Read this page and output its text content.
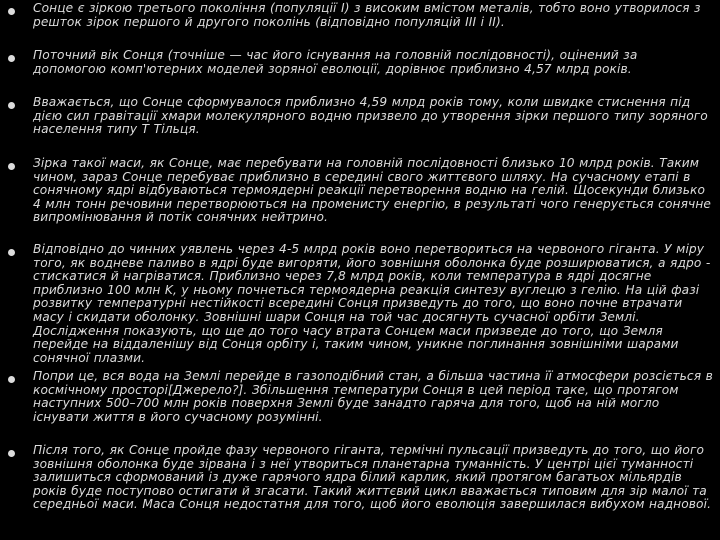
Сонце є зіркою третього покоління (популяції I) з високим вмістом металів, тобто воно утворилося з решток зірок першого й другого поколінь (відповідно популяцій III і II).
Поточний вік Сонця (точніше — час його існування на головній послідовності), оцінений за допомогою комп'ютерних моделей зоряної еволюції, дорівнює приблизно 4,57 млрд років.
Вважається, що Сонце сформувалося приблизно 4,59 млрд років тому, коли швидке стиснення під дією сил гравітації хмари молекулярного водню призвело до утворення зірки першого типу зоряного населення типу T Тільця.
Зірка такої маси, як Сонце, має перебувати на головній послідовності близько 10 млрд років. Таким чином, зараз Сонце перебуває приблизно в середині свого життєвого шляху. На сучасному етапі в сонячному ядрі відбуваються термоядерні реакції перетворення водню на гелій. Щосекунди близько 4 млн тонн речовини перетворюються на променисту енергію, в результаті чого генерується сонячне випромінювання й потік сонячних нейтрино.
Відповідно до чинних уявлень через 4-5 млрд років воно перетвориться на червоного гіганта. У міру того, як водневе паливо в ядрі буде вигоряти, його зовнішня оболонка буде розширюватися, а ядро - стискатися й нагріватися. Приблизно через 7,8 млрд років, коли температура в ядрі досягне приблизно 100 млн K, у ньому почнеться термоядерна реакція синтезу вуглецю з гелію. На цій фазі розвитку температурні нестійкості всередині Сонця призведуть до того, що воно почне втрачати масу і скидати оболонку. Зовнішні шари Сонця на той час досягнуть сучасної орбіти Землі. Дослідження показують, що ще до того часу втрата Сонцем маси призведе до того, що Земля перейде на віддаленішу від Сонця орбіту і, таким чином, уникне поглинання зовнішніми шарами сонячної плазми.
Попри це, вся вода на Землі перейде в газоподібний стан, а більша частина її атмосфери розсіється в космічному просторі[Джерело?]. Збільшення температури Сонця в цей період таке, що протягом наступних 500–700 млн років поверхня Землі буде занадто гаряча для того, щоб на ній могло існувати життя в його сучасному розумінні.
Після того, як Сонце пройде фазу червоного гіганта, термічні пульсації призведуть до того, що його зовнішня оболонка буде зірвана і з неї утвориться планетарна туманність. У центрі цієї туманності залишиться сформований із дуже гарячого ядра білий карлик, який протягом багатьох мільярдів років буде поступово остигати й згасати. Такий життєвий цикл вважається типовим для зір малої та середньої маси. Маса Сонця недостатня для того, щоб його еволюція завершилася вибухом наднової.
